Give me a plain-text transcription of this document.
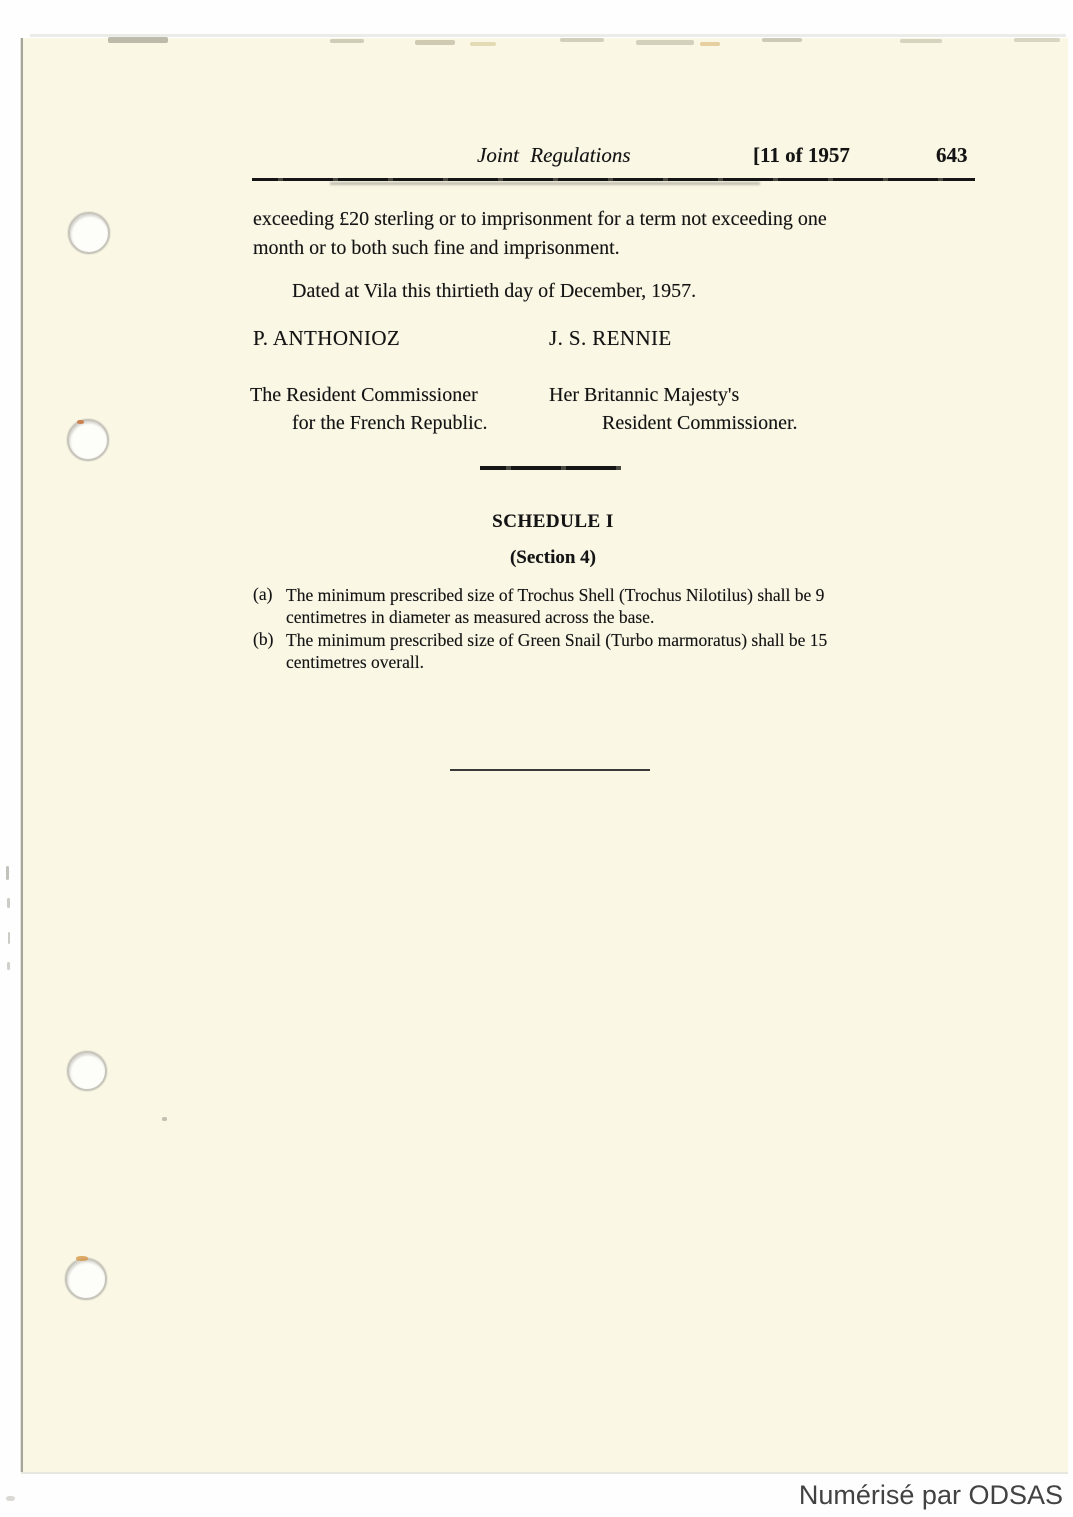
Joint Regulations	[11 of 1957	643
exceeding £20 sterling or to imprisonment for a term not exceeding one month or to both such fine and imprisonment.
Dated at Vila this thirtieth day of December, 1957.
P. ANTHONIOZ	J. S. RENNIE
The Resident Commissioner
for the French Republic.
Her Britannic Majesty's
Resident Commissioner.
SCHEDULE I
(Section 4)
(a) The minimum prescribed size of Trochus Shell (Trochus Nilotilus) shall be 9 centimetres in diameter as measured across the base.
(b) The minimum prescribed size of Green Snail (Turbo marmoratus) shall be 15 centimetres overall.
Numérisé par ODSAS
